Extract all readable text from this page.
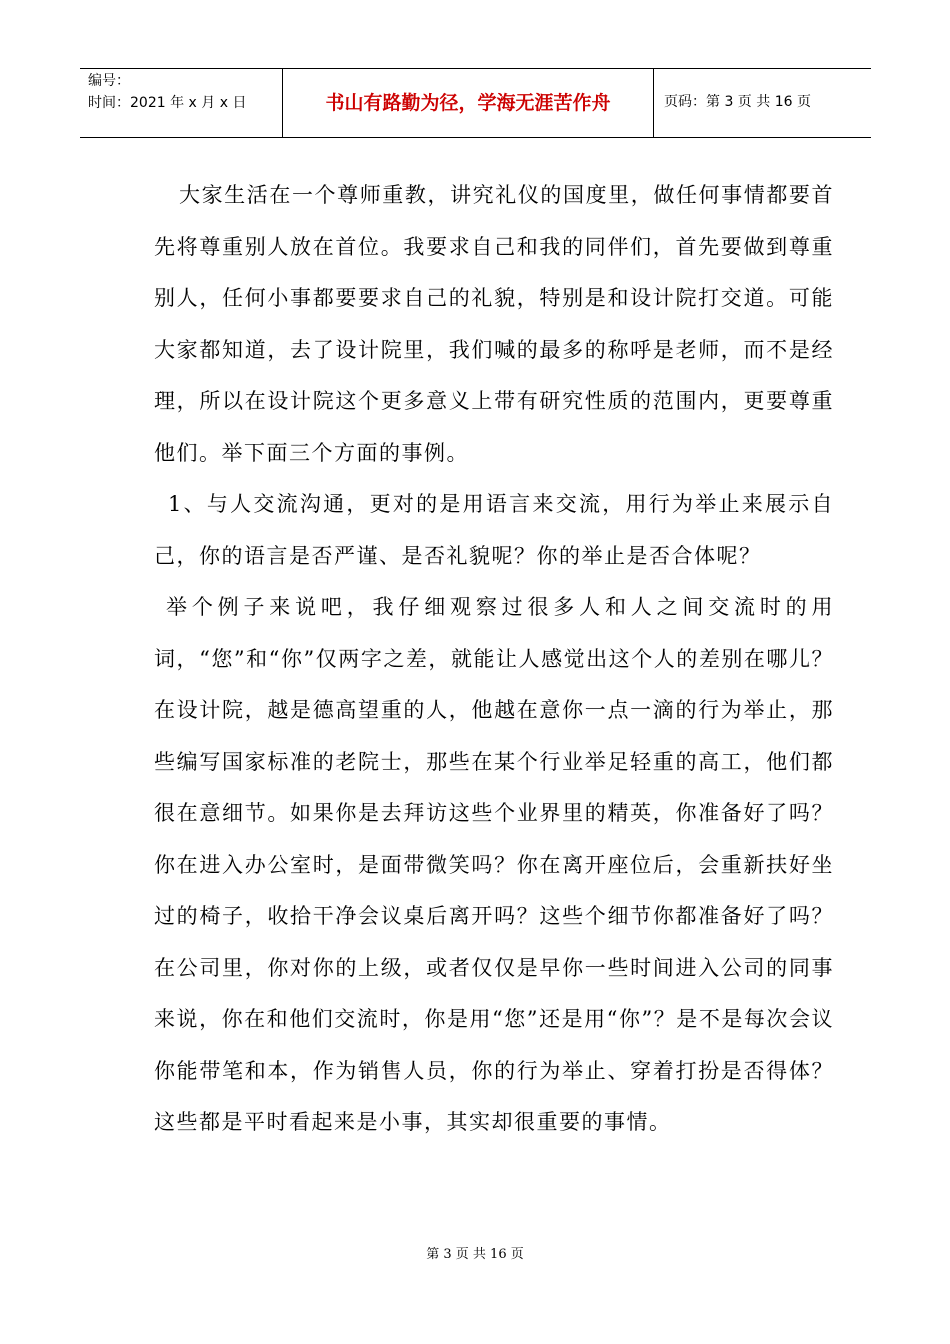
编号：
时间：2021 年 x 月 x 日	书山有路勤为径，学海无涯苦作舟	页码：第 3 页 共 16 页

大家生活在一个尊师重教，讲究礼仪的国度里，做任何事情都要首先将尊重别人放在首位。我要求自己和我的同伴们，首先要做到尊重别人，任何小事都要要求自己的礼貌，特别是和设计院打交道。可能大家都知道，去了设计院里，我们喊的最多的称呼是老师，而不是经理，所以在设计院这个更多意义上带有研究性质的范围内，更要尊重他们。举下面三个方面的事例。

1、与人交流沟通，更对的是用语言来交流，用行为举止来展示自己，你的语言是否严谨、是否礼貌呢？你的举止是否合体呢？

举个例子来说吧，我仔细观察过很多人和人之间交流时的用词，“您”和“你”仅两字之差，就能让人感觉出这个人的差别在哪儿？在设计院，越是德高望重的人，他越在意你一点一滴的行为举止，那些编写国家标准的老院士，那些在某个行业举足轻重的高工，他们都很在意细节。如果你是去拜访这些个业界里的精英，你准备好了吗？你在进入办公室时，是面带微笑吗？你在离开座位后，会重新扶好坐过的椅子，收拾干净会议桌后离开吗？这些个细节你都准备好了吗？在公司里，你对你的上级，或者仅仅是早你一些时间进入公司的同事来说，你在和他们交流时，你是用“您”还是用“你”？是不是每次会议你能带笔和本，作为销售人员，你的行为举止、穿着打扮是否得体？这些都是平时看起来是小事，其实却很重要的事情。

第 3 页 共 16 页
